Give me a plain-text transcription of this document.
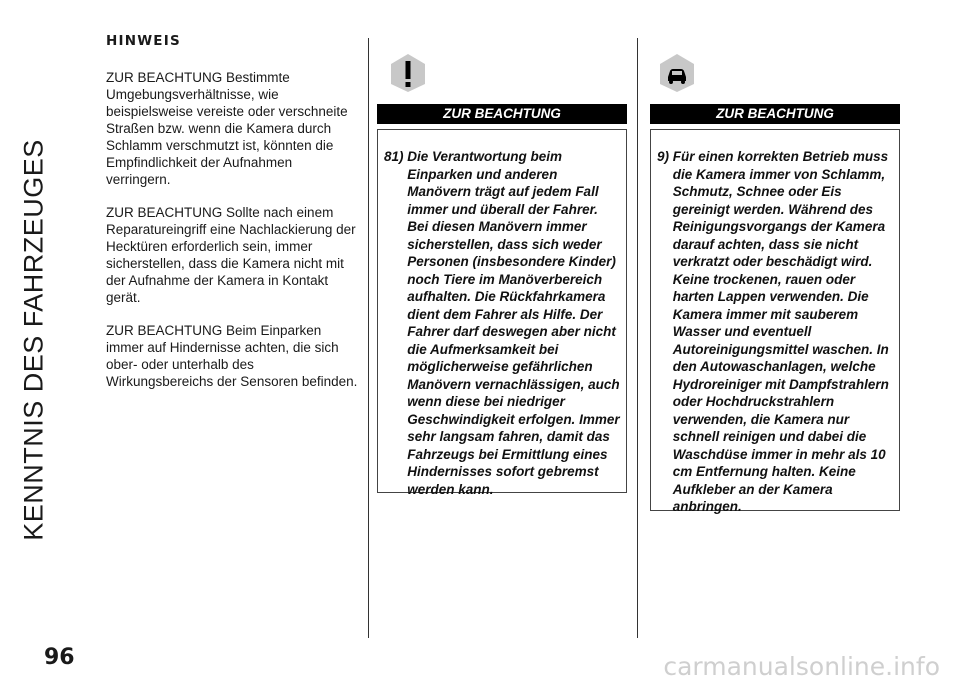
KENNTNIS DES FAHRZEUGES
HINWEIS

ZUR BEACHTUNG Bestimmte Umgebungsverhältnisse, wie beispielsweise vereiste oder verschneite Straßen bzw. wenn die Kamera durch Schlamm verschmutzt ist, könnten die Empfindlichkeit der Aufnahmen verringern.

ZUR BEACHTUNG Sollte nach einem Reparatureingriff eine Nachlackierung der Hecktüren erforderlich sein, immer sicherstellen, dass die Kamera nicht mit der Aufnahme der Kamera in Kontakt gerät.

ZUR BEACHTUNG Beim Einparken immer auf Hindernisse achten, die sich ober- oder unterhalb des Wirkungsbereichs der Sensoren befinden.

ZUR BEACHTUNG
81)
Die Verantwortung beim Einparken und anderen Manövern trägt auf jedem Fall immer und überall der Fahrer. Bei diesen Manövern immer sicherstellen, dass sich weder Personen (insbesondere Kinder) noch Tiere im Manöverbereich aufhalten. Die Rückfahrkamera dient dem Fahrer als Hilfe. Der Fahrer darf deswegen aber nicht die Aufmerksamkeit bei möglicherweise gefährlichen Manövern vernachlässigen, auch wenn diese bei niedriger Geschwindigkeit erfolgen. Immer sehr langsam fahren, damit das Fahrzeugs bei Ermittlung eines Hindernisses sofort gebremst werden kann.
ZUR BEACHTUNG
9)
Für einen korrekten Betrieb muss die Kamera immer von Schlamm, Schmutz, Schnee oder Eis gereinigt werden. Während des Reinigungsvorgangs der Kamera darauf achten, dass sie nicht verkratzt oder beschädigt wird. Keine trockenen, rauen oder harten Lappen verwenden. Die Kamera immer mit sauberem Wasser und eventuell Autoreinigungsmittel waschen. In den Autowaschanlagen, welche Hydroreiniger mit Dampfstrahlern oder Hochdruckstrahlern verwenden, die Kamera nur schnell reinigen und dabei die Waschdüse immer in mehr als 10 cm Entfernung halten. Keine Aufkleber an der Kamera anbringen.
96	carmanualsonline.info
